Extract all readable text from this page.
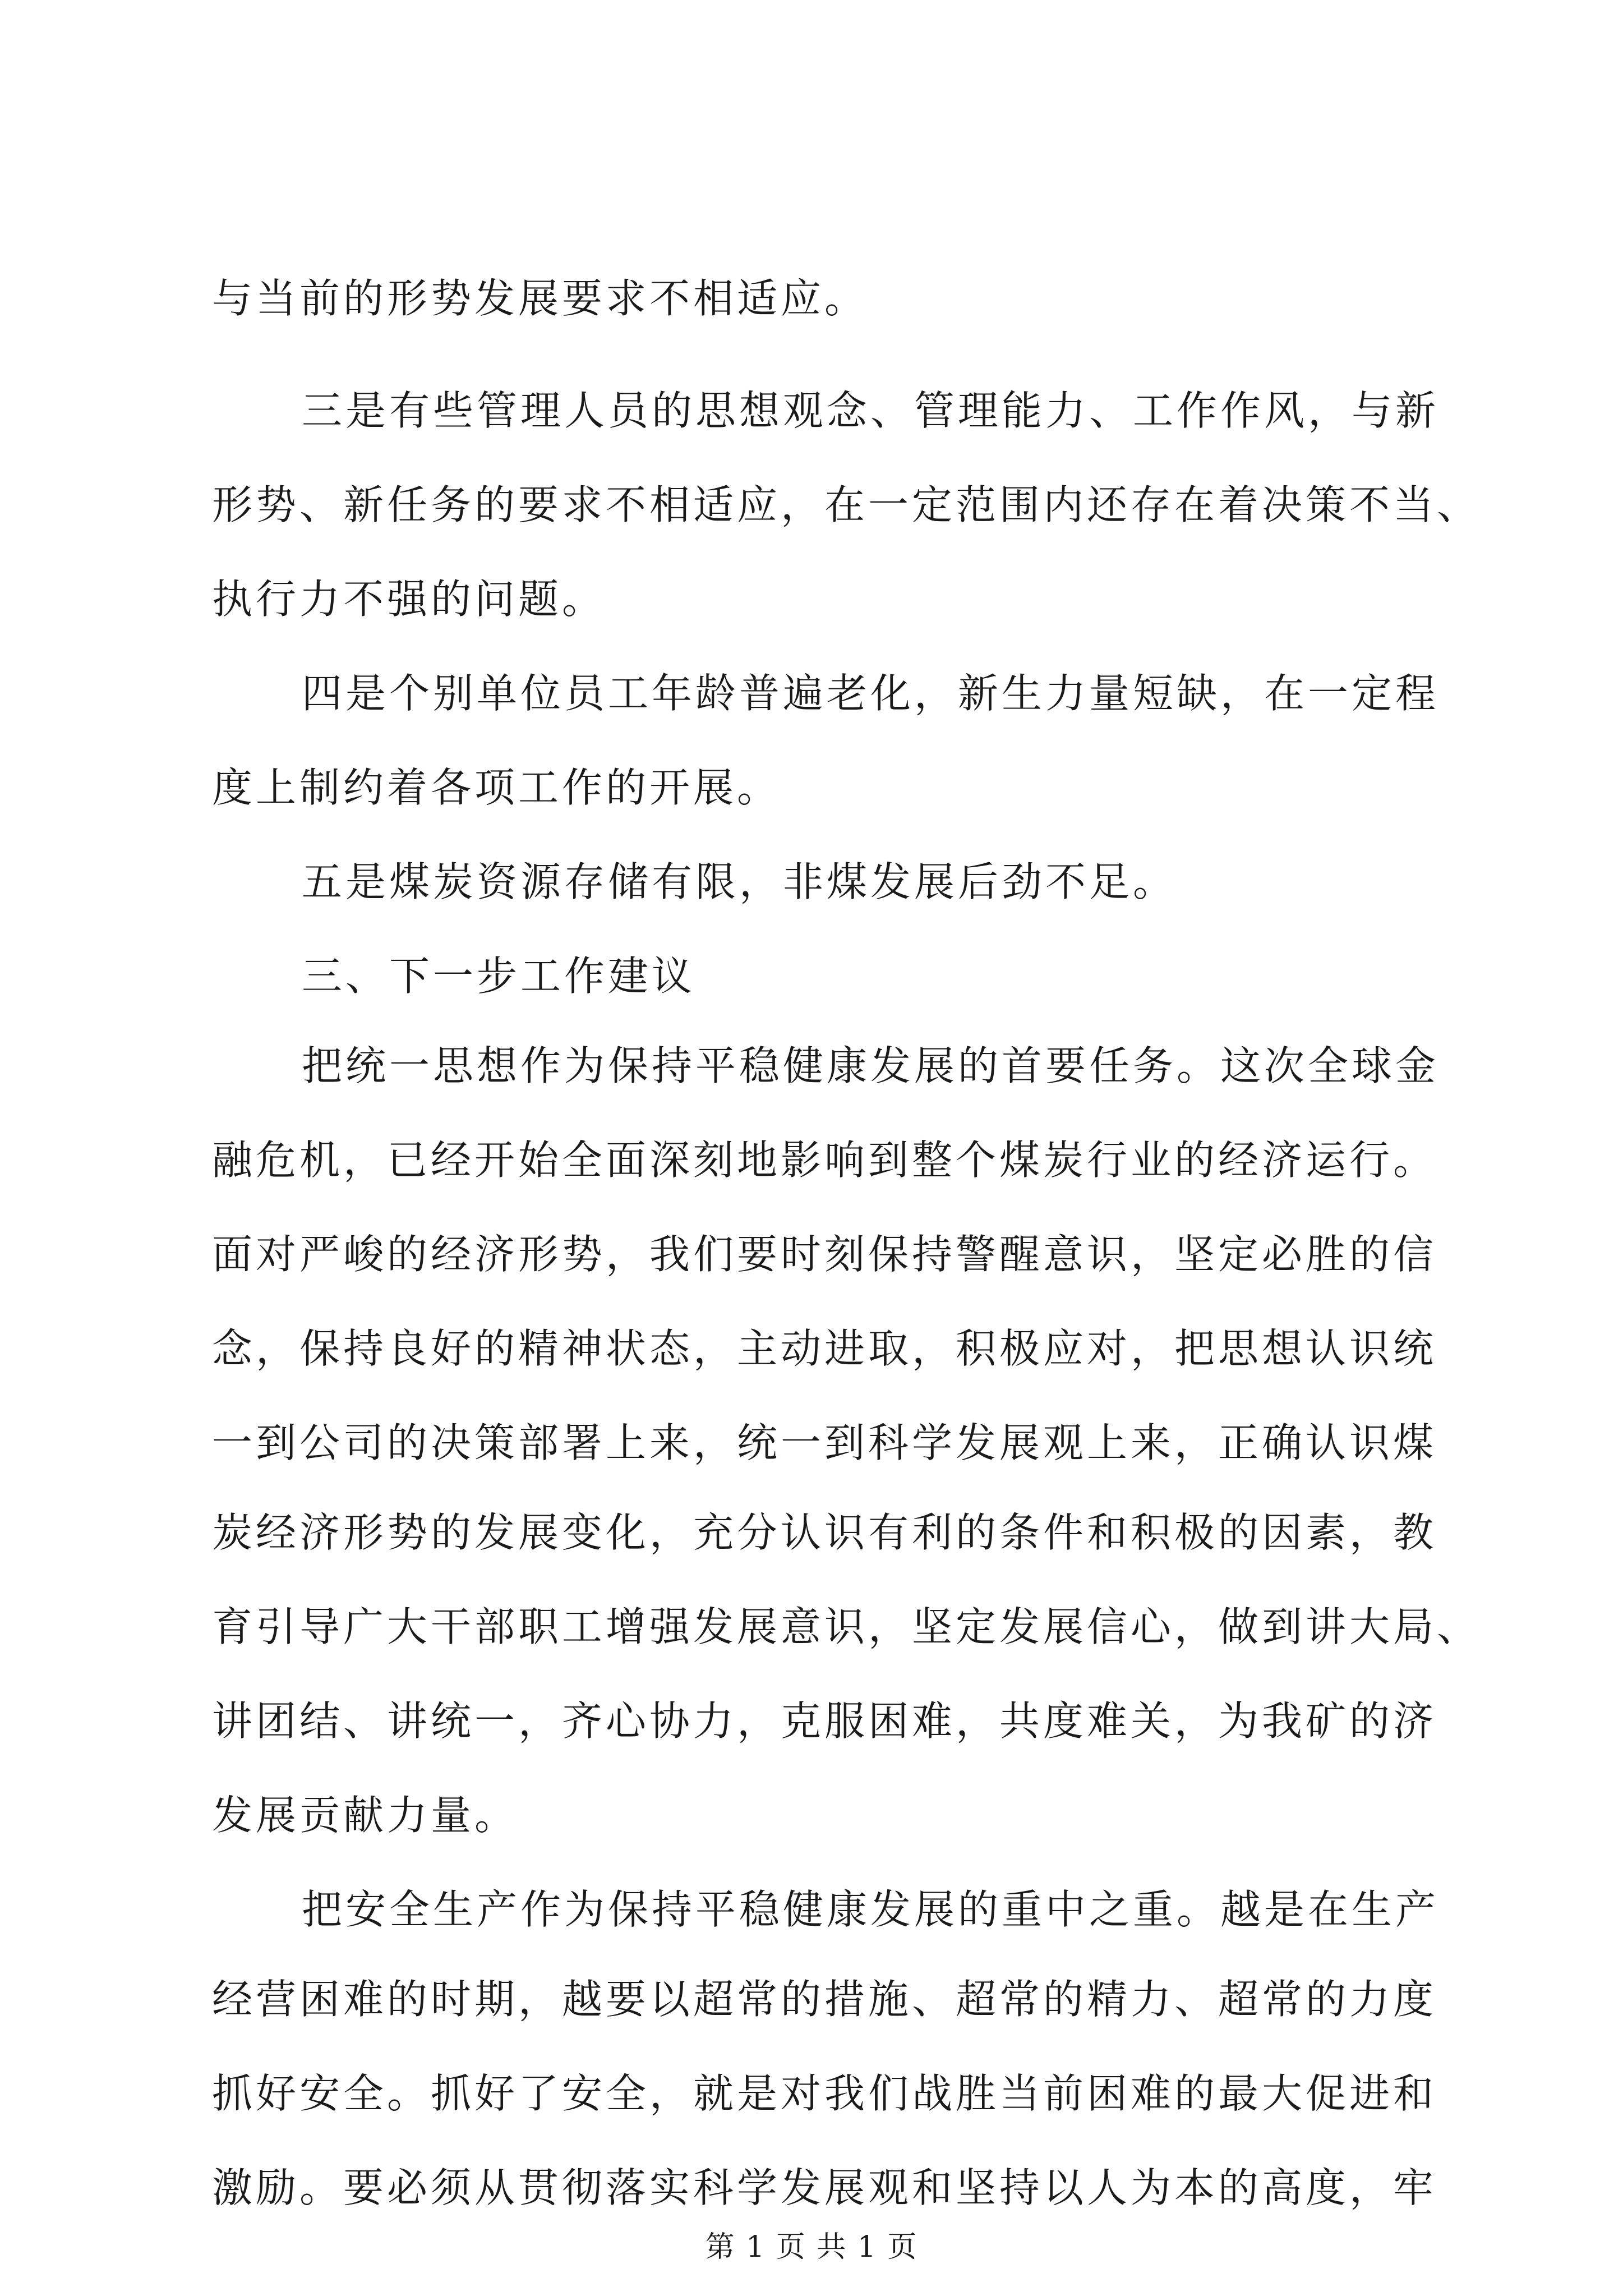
与当前的形势发展要求不相适应。
三是有些管理人员的思想观念、管理能力、工作作风，与新
形势、新任务的要求不相适应，在一定范围内还存在着决策不当、
执行力不强的问题。
四是个别单位员工年龄普遍老化，新生力量短缺，在一定程
度上制约着各项工作的开展。
五是煤炭资源存储有限，非煤发展后劲不足。
三、下一步工作建议
把统一思想作为保持平稳健康发展的首要任务。这次全球金
融危机，已经开始全面深刻地影响到整个煤炭行业的经济运行。
面对严峻的经济形势，我们要时刻保持警醒意识，坚定必胜的信
念，保持良好的精神状态，主动进取，积极应对，把思想认识统
一到公司的决策部署上来，统一到科学发展观上来，正确认识煤
炭经济形势的发展变化，充分认识有利的条件和积极的因素，教
育引导广大干部职工增强发展意识，坚定发展信心，做到讲大局、
讲团结、讲统一，齐心协力，克服困难，共度难关，为我矿的济
发展贡献力量。
把安全生产作为保持平稳健康发展的重中之重。越是在生产
经营困难的时期，越要以超常的措施、超常的精力、超常的力度
抓好安全。抓好了安全，就是对我们战胜当前困难的最大促进和
激励。要必须从贯彻落实科学发展观和坚持以人为本的高度，牢
第 1 页 共 1 页
